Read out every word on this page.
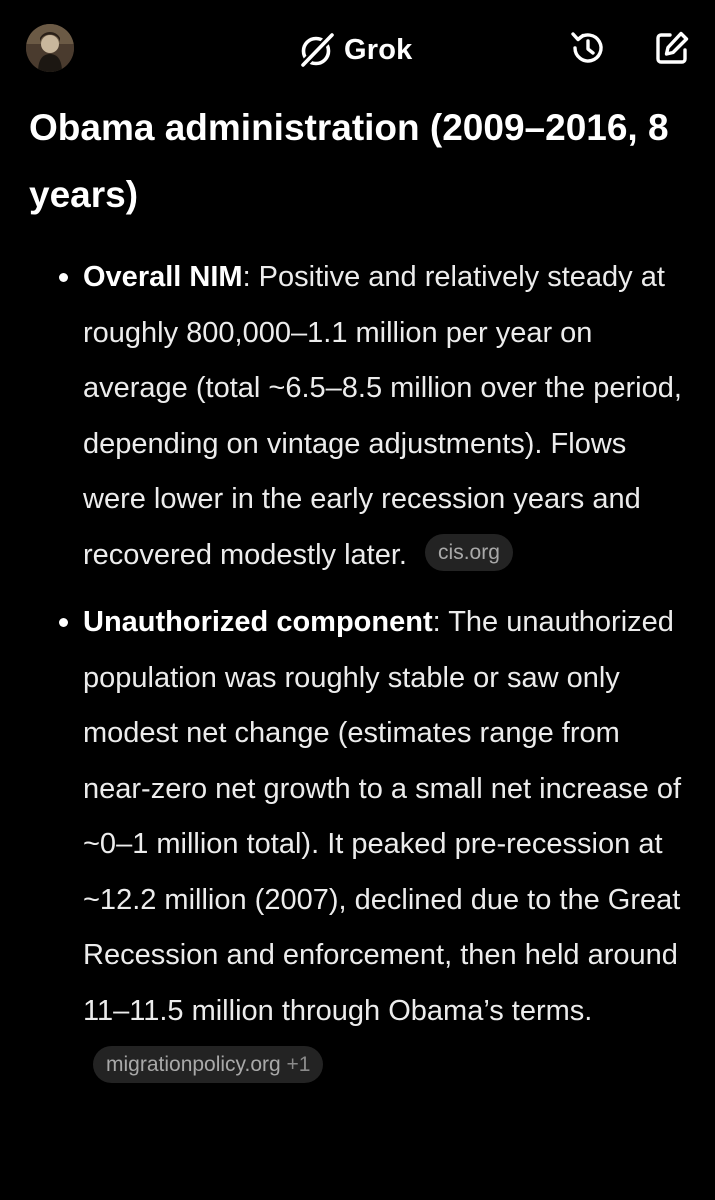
Grok
Obama administration (2009–2016, 8 years)
Overall NIM: Positive and relatively steady at roughly 800,000–1.1 million per year on average (total ~6.5–8.5 million over the period, depending on vintage adjustments). Flows were lower in the early recession years and recovered modestly later. cis.org
Unauthorized component: The unauthorized population was roughly stable or saw only modest net change (estimates range from near-zero net growth to a small net increase of ~0–1 million total). It peaked pre-recession at ~12.2 million (2007), declined due to the Great Recession and enforcement, then held around 11–11.5 million through Obama’s terms. migrationpolicy.org +1
